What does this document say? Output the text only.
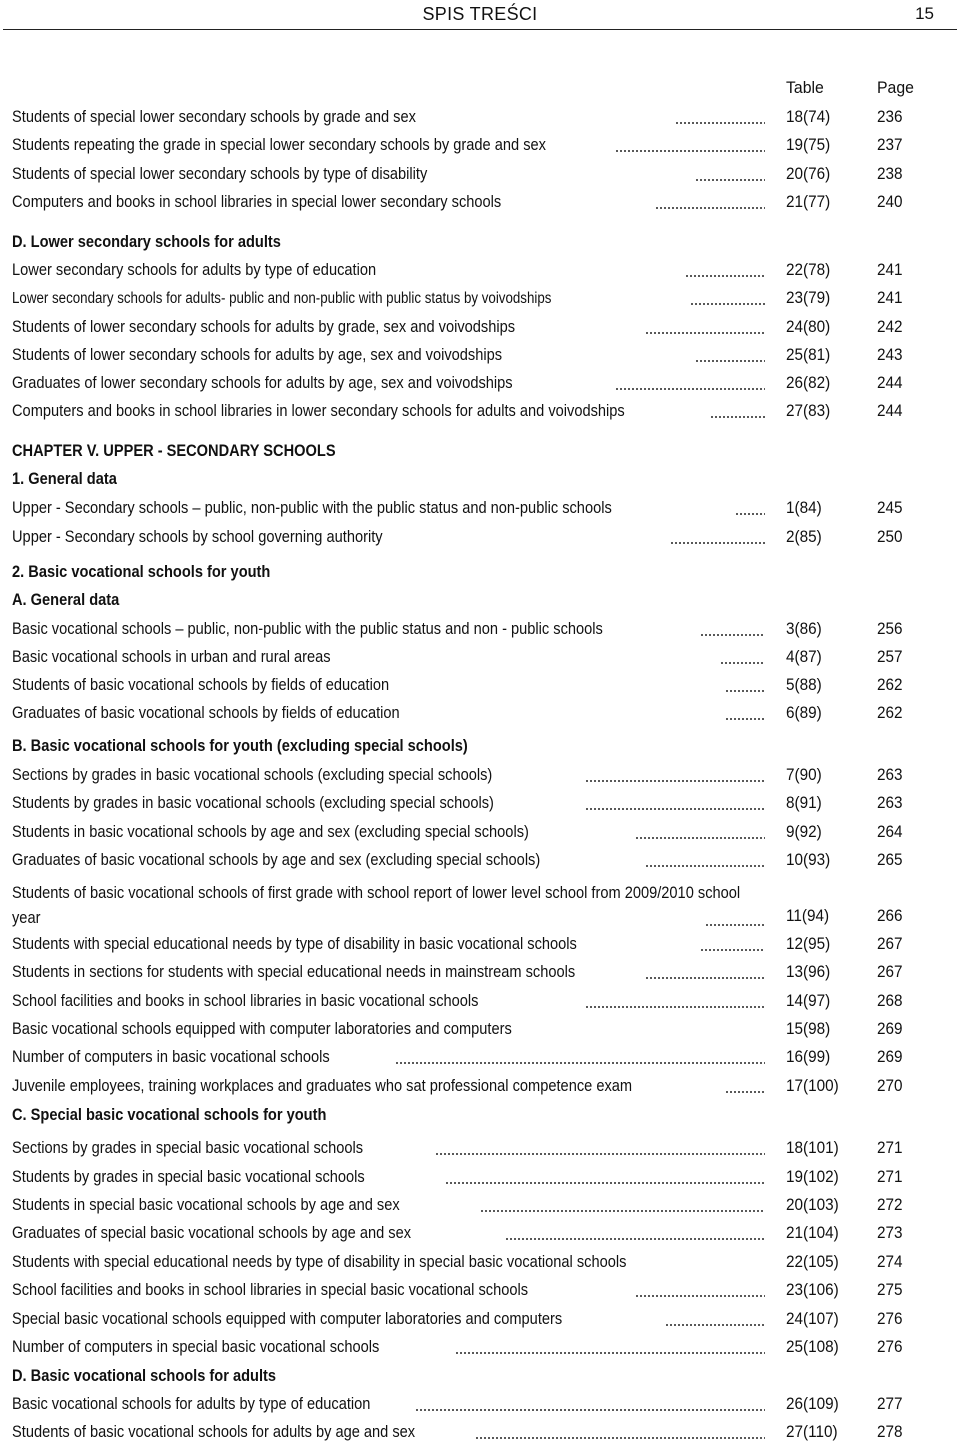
SPIS TREŚCI	15
Table	Page
Students of special lower secondary schools by grade and sex	18(74)	236
Students repeating the grade in special lower secondary schools by grade and sex	19(75)	237
Students of special lower secondary schools by type of disability	20(76)	238
Computers and books in school libraries in special lower secondary schools	21(77)	240
D. Lower secondary schools for adults
Lower secondary schools for adults by type of education	22(78)	241
Lower secondary schools for adults- public and non-public with public status by voivodships	23(79)	241
Students of lower secondary schools for adults by grade, sex and voivodships	24(80)	242
Students of lower secondary schools for adults by age, sex and voivodships	25(81)	243
Graduates of lower secondary schools for adults by age, sex and voivodships	26(82)	244
Computers and books in school libraries in lower secondary schools for adults and voivodships	27(83)	244
CHAPTER V. UPPER - SECONDARY SCHOOLS
1. General data
Upper - Secondary schools – public, non-public with the public status and non-public schools	1(84)	245
Upper - Secondary schools by school governing authority	2(85)	250
2. Basic vocational schools for youth
A. General data
Basic vocational schools – public, non-public with the public status and non - public schools	3(86)	256
Basic vocational schools in urban and rural areas	4(87)	257
Students of basic vocational schools by fields of education	5(88)	262
Graduates of basic vocational schools by fields of education	6(89)	262
B. Basic vocational schools for youth (excluding special schools)
Sections by grades in basic vocational schools (excluding special schools)	7(90)	263
Students by grades in basic vocational schools (excluding special schools)	8(91)	263
Students in basic vocational schools by age and sex (excluding special schools)	9(92)	264
Graduates of basic vocational schools by age and sex (excluding special schools)	10(93)	265
Students of basic vocational schools of first grade with school report of lower level school from 2009/2010 school year	11(94)	266
Students with special educational needs by type of disability in basic vocational schools	12(95)	267
Students in sections for students with special educational needs in mainstream schools	13(96)	267
School facilities and books in school libraries in basic vocational schools	14(97)	268
Basic vocational schools equipped with computer laboratories and computers	15(98)	269
Number of computers in basic vocational schools	16(99)	269
Juvenile employees, training workplaces and graduates who sat professional competence exam	17(100) 270
C. Special basic vocational schools for youth
Sections by grades in special basic vocational schools	18(101) 271
Students by grades in special basic vocational schools	19(102) 271
Students in special basic vocational schools by age and sex	20(103) 272
Graduates of special basic vocational schools by age and sex	21(104) 273
Students with special educational needs by type of disability in special basic vocational schools	22(105) 274
School facilities and books in school libraries in special basic vocational schools	23(106) 275
Special basic vocational schools equipped with computer laboratories and computers	24(107) 276
Number of computers in special basic vocational schools	25(108) 276
D. Basic vocational schools for adults
Basic vocational schools for adults by type of education	26(109) 277
Students of basic vocational schools for adults by age and sex	27(110) 278
